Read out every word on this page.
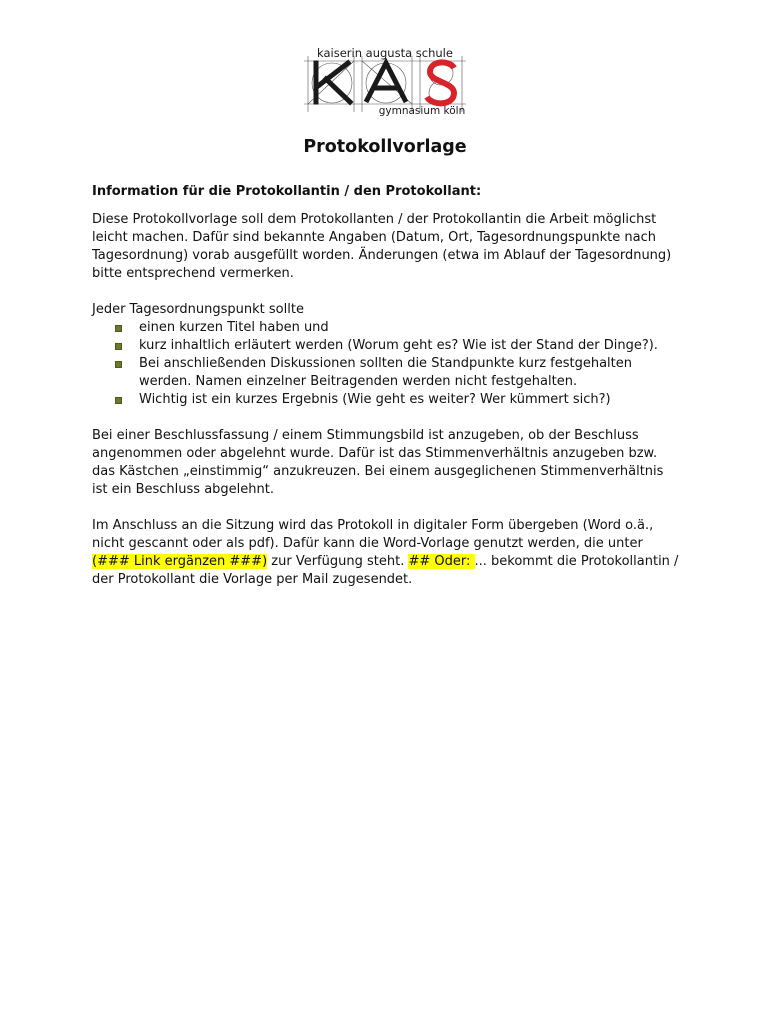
kaiserin augusta schule
gymnasium köln
Protokollvorlage

Information für die Protokollantin / den Protokollant:

Diese Protokollvorlage soll dem Protokollanten / der Protokollantin die Arbeit möglichst leicht machen. Dafür sind bekannte Angaben (Datum, Ort, Tagesordnungspunkte nach Tagesordnung) vorab ausgefüllt worden. Änderungen (etwa im Ablauf der Tagesordnung) bitte entsprechend vermerken.

Jeder Tagesordnungspunkt sollte

einen kurzen Titel haben und
kurz inhaltlich erläutert werden (Worum geht es? Wie ist der Stand der Dinge?).
Bei anschließenden Diskussionen sollten die Standpunkte kurz festgehalten werden. Namen einzelner Beitragenden werden nicht festgehalten.
Wichtig ist ein kurzes Ergebnis (Wie geht es weiter? Wer kümmert sich?)

Bei einer Beschlussfassung / einem Stimmungsbild ist anzugeben, ob der Beschluss angenommen oder abgelehnt wurde. Dafür ist das Stimmenverhältnis anzugeben bzw. das Kästchen „einstimmig“ anzukreuzen. Bei einem ausgeglichenen Stimmenverhältnis ist ein Beschluss abgelehnt.

Im Anschluss an die Sitzung wird das Protokoll in digitaler Form übergeben (Word o.ä., nicht gescannt oder als pdf). Dafür kann die Word-Vorlage genutzt werden, die unter (### Link ergänzen ###) zur Verfügung steht. ## Oder: ... bekommt die Protokollantin / der Protokollant die Vorlage per Mail zugesendet.
